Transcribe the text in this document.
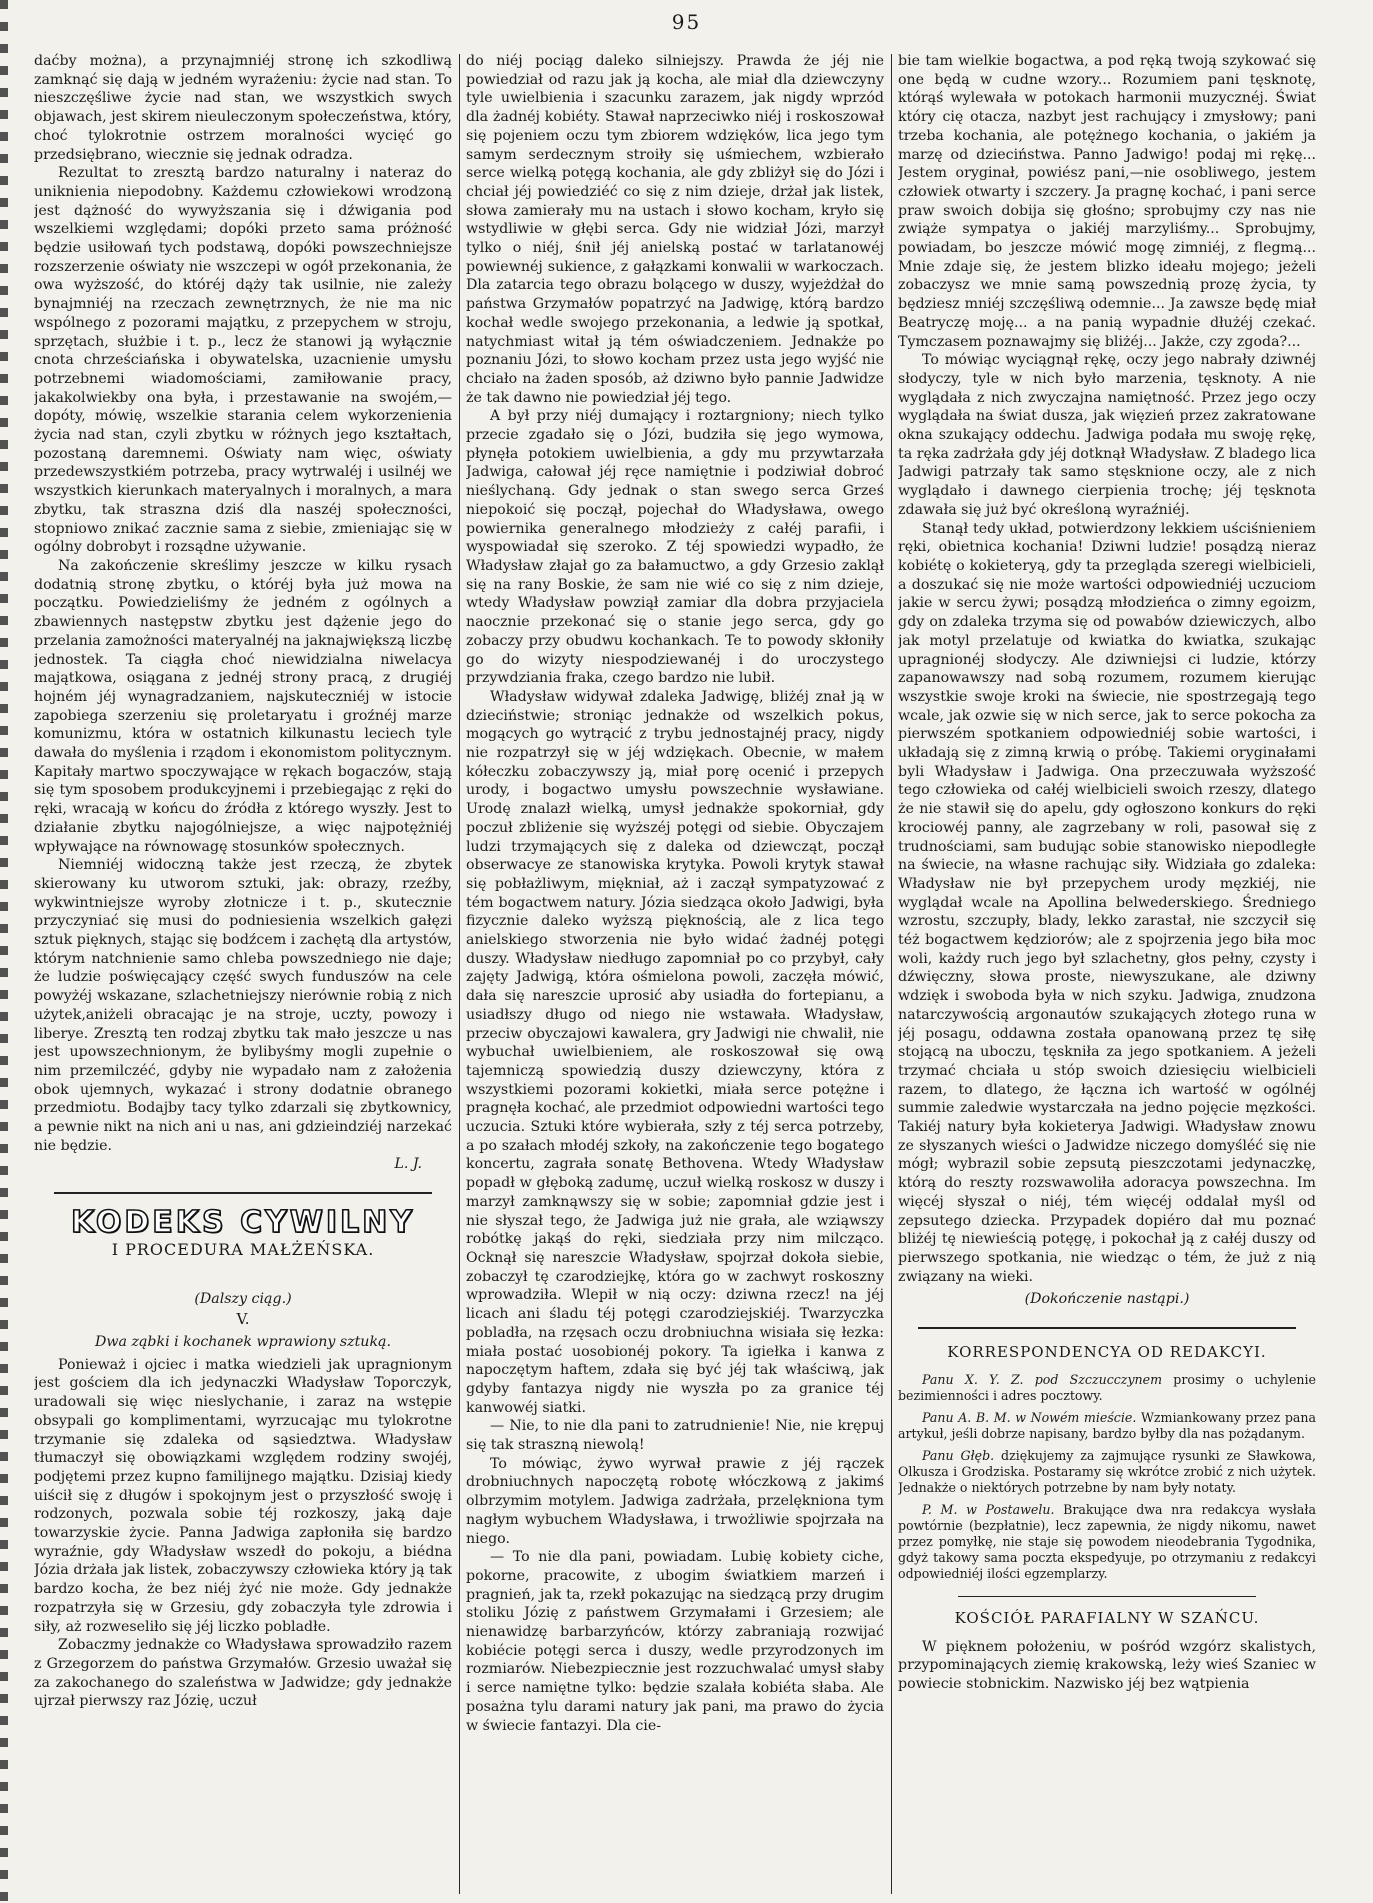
95

daćby można), a przynajmniéj stronę ich szkodliwą zamknąć się dają w jedném wyrażeniu: życie nad stan. To nieszczęśliwe życie nad stan, we wszystkich swych objawach, jest skirem nieuleczonym społeczeństwa, który, choć tylokrotnie ostrzem moralności wycięć go przedsiębrano, wiecznie się jednak odradza.

Rezultat to zresztą bardzo naturalny i nateraz do uniknienia niepodobny. Każdemu człowiekowi wrodzoną jest dążność do wywyższania się i dźwigania pod wszelkiemi względami; dopóki przeto sama próżność będzie usiłowań tych podstawą, dopóki powszechniejsze rozszerzenie oświaty nie wszczepi w ogół przekonania, że owa wyższość, do któréj dąży tak usilnie, nie zależy bynajmniéj na rzeczach zewnętrznych, że nie ma nic wspólnego z pozorami majątku, z przepychem w stroju, sprzętach, służbie i t. p., lecz że stanowi ją wyłącznie cnota chrześciańska i obywatelska, uzacnienie umysłu potrzebnemi wiadomościami, zamiłowanie pracy, jakakolwiekby ona była, i przestawanie na swojém,—dopóty, mówię, wszelkie starania celem wykorzenienia życia nad stan, czyli zbytku w różnych jego kształtach, pozostaną daremnemi. Oświaty nam więc, oświaty przedewszystkiém potrzeba, pracy wytrwaléj i usilnéj we wszystkich kierunkach materyalnych i moralnych, a mara zbytku, tak straszna dziś dla naszéj społeczności, stopniowo znikać zacznie sama z siebie, zmieniając się w ogólny dobrobyt i rozsądne używanie.

Na zakończenie skreślimy jeszcze w kilku rysach dodatnią stronę zbytku, o któréj była już mowa na początku. Powiedzieliśmy że jedném z ogólnych a zbawiennych następstw zbytku jest dążenie jego do przelania zamożności materyalnéj na jaknajwiększą liczbę jednostek. Ta ciągła choć niewidzialna niwelacya majątkowa, osiągana z jednéj strony pracą, z drugiéj hojném jéj wynagradzaniem, najskuteczniéj w istocie zapobiega szerzeniu się proletaryatu i groźnéj marze komunizmu, która w ostatnich kilkunastu leciech tyle dawała do myślenia i rządom i ekonomistom politycznym. Kapitały martwo spoczywające w rękach bogaczów, stają się tym sposobem produkcyjnemi i przebiegając z ręki do ręki, wracają w końcu do źródła z którego wyszły. Jest to działanie zbytku najogólniejsze, a więc najpotężniéj wpływające na równowagę stosunków społecznych.

Niemniéj widoczną także jest rzeczą, że zbytek skierowany ku utworom sztuki, jak: obrazy, rzeźby, wykwintniejsze wyroby złotnicze i t. p., skutecznie przyczyniać się musi do podniesienia wszelkich gałęzi sztuk pięknych, stając się bodźcem i zachętą dla artystów, którym natchnienie samo chleba powszedniego nie daje; że ludzie poświęcający część swych funduszów na cele powyżéj wskazane, szlachetniejszy nierównie robią z nich użytek,aniżeli obracając je na stroje, uczty, powozy i liberye. Zresztą ten rodzaj zbytku tak mało jeszcze u nas jest upowszechnionym, że bylibyśmy mogli zupełnie o nim przemilczéć, gdyby nie wypadało nam z założenia obok ujemnych, wykazać i strony dodatnie obranego przedmiotu. Bodajby tacy tylko zdarzali się zbytkownicy, a pewnie nikt na nich ani u nas, ani gdzieindziéj narzekać nie będzie.

L. J.
KODEKS CYWILNY
I PROCEDURA MAŁŻEŃSKA.
(Dalszy ciąg.)
V.
Dwa ząbki i kochanek wprawiony sztuką.

Ponieważ i ojciec i matka wiedzieli jak upragnionym jest gościem dla ich jedynaczki Władysław Toporczyk, uradowali się więc nieslychanie, i zaraz na wstępie obsypali go komplimentami, wyrzucając mu tylokrotne trzymanie się zdaleka od sąsiedztwa. Władysław tłumaczył się obowiązkami względem rodziny swojéj, podjętemi przez kupno familijnego majątku. Dzisiaj kiedy uiścił się z długów i spokojnym jest o przyszłość swoję i rodzonych, pozwala sobie téj rozkoszy, jaką daje towarzyskie życie. Panna Jadwiga zapłoniła się bardzo wyraźnie, gdy Władysław wszedł do pokoju, a biédna Józia drżała jak listek, zobaczywszy człowieka który ją tak bardzo kocha, że bez niéj żyć nie może. Gdy jednakże rozpatrzyła się w Grzesiu, gdy zobaczyła tyle zdrowia i siły, aż rozweseliło się jéj liczko pobladłe.

Zobaczmy jednakże co Władysława sprowadziło razem z Grzegorzem do państwa Grzymałów. Grzesio uważał się za zakochanego do szaleństwa w Jadwidze; gdy jednakże ujrzał pierwszy raz Józię, uczuł

do niéj pociąg daleko silniejszy. Prawda że jéj nie powiedział od razu jak ją kocha, ale miał dla dziewczyny tyle uwielbienia i szacunku zarazem, jak nigdy wprzód dla żadnéj kobiéty. Stawał naprzeciwko niéj i roskoszował się pojeniem oczu tym zbiorem wdzięków, lica jego tym samym serdecznym stroiły się uśmiechem, wzbierało serce wielką potęgą kochania, ale gdy zbliżył się do Józi i chciał jéj powiedziéć co się z nim dzieje, drżał jak listek, słowa zamierały mu na ustach i słowo kocham, kryło się wstydliwie w głębi serca. Gdy nie widział Józi, marzył tylko o niéj, śnił jéj anielską postać w tarlatanowéj powiewnéj sukience, z gałązkami konwalii w warkoczach. Dla zatarcia tego obrazu bolącego w duszy, wyjeżdżał do państwa Grzymałów popatrzyć na Jadwigę, którą bardzo kochał wedle swojego przekonania, a ledwie ją spotkał, natychmiast witał ją tém oświadczeniem. Jednakże po poznaniu Józi, to słowo kocham przez usta jego wyjść nie chciało na żaden sposób, aż dziwno było pannie Jadwidze że tak dawno nie powiedział jéj tego.

A był przy niéj dumający i roztargniony; niech tylko przecie zgadało się o Józi, budziła się jego wymowa, płynęła potokiem uwielbienia, a gdy mu przywtarzała Jadwiga, całował jéj ręce namiętnie i podziwiał dobroć nieślychaną. Gdy jednak o stan swego serca Grześ niepokoić się począł, pojechał do Władysława, owego powiernika generalnego młodzieży z całéj parafii, i wyspowiadał się szeroko. Z téj spowiedzi wypadło, że Władysław złajał go za bałamuctwo, a gdy Grzesio zaklął się na rany Boskie, że sam nie wié co się z nim dzieje, wtedy Władysław powziął zamiar dla dobra przyjaciela naocznie przekonać się o stanie jego serca, gdy go zobaczy przy obudwu kochankach. Te to powody skłoniły go do wizyty niespodziewanéj i do uroczystego przywdziania fraka, czego bardzo nie lubił.

Władysław widywał zdaleka Jadwigę, bliżéj znał ją w dzieciństwie; stroniąc jednakże od wszelkich pokus, mogących go wytrącić z trybu jednostajnéj pracy, nigdy nie rozpatrzył się w jéj wdziękach. Obecnie, w małem kółeczku zobaczywszy ją, miał porę ocenić i przepych urody, i bogactwo umysłu powszechnie wysławiane. Urodę znalazł wielką, umysł jednakże spokorniał, gdy poczuł zbliżenie się wyższéj potęgi od siebie. Obyczajem ludzi trzymających się z daleka od dziewcząt, począł obserwacye ze stanowiska krytyka. Powoli krytyk stawał się pobłażliwym, miękniał, aż i zaczął sympatyzować z tém bogactwem natury. Józia siedząca około Jadwigi, była fizycznie daleko wyższą pięknością, ale z lica tego anielskiego stworzenia nie było widać żadnéj potęgi duszy. Władysław niedługo zapomniał po co przybył, cały zajęty Jadwigą, która ośmielona powoli, zaczęła mówić, dała się nareszcie uprosić aby usiadła do fortepianu, a usiadłszy długo od niego nie wstawała. Władysław, przeciw obyczajowi kawalera, gry Jadwigi nie chwalił, nie wybuchał uwielbieniem, ale roskoszował się ową tajemniczą spowiedzią duszy dziewczyny, która z wszystkiemi pozorami kokietki, miała serce potężne i pragnęła kochać, ale przedmiot odpowiedni wartości tego uczucia. Sztuki które wybierała, szły z téj serca potrzeby, a po szałach młodéj szkoły, na zakończenie tego bogatego koncertu, zagrała sonatę Bethovena. Wtedy Władysław popadł w głęboką zadumę, uczuł wielką roskosz w duszy i marzył zamknąwszy się w sobie; zapomniał gdzie jest i nie słyszał tego, że Jadwiga już nie grała, ale wziąwszy robótkę jakąś do ręki, siedziała przy nim milcząco. Ocknął się nareszcie Władysław, spojrzał dokoła siebie, zobaczył tę czarodziejkę, która go w zachwyt roskoszny wprowadziła. Wlepił w nią oczy: dziwna rzecz! na jéj licach ani śladu téj potęgi czarodziejskiéj. Twarzyczka pobladła, na rzęsach oczu drobniuchna wisiała się łezka: miała postać uosobionéj pokory. Ta igiełka i kanwa z napoczętym haftem, zdała się być jéj tak właściwą, jak gdyby fantazya nigdy nie wyszła po za granice téj kanwowéj siatki.

— Nie, to nie dla pani to zatrudnienie! Nie, nie krępuj się tak straszną niewolą!

To mówiąc, żywo wyrwał prawie z jéj rączek drobniuchnych napoczętą robotę włóczkową z jakimś olbrzymim motylem. Jadwiga zadrżała, przelękniona tym nagłym wybuchem Władysława, i trwożliwie spojrzała na niego.

— To nie dla pani, powiadam. Lubię kobiety ciche, pokorne, pracowite, z ubogim światkiem marzeń i pragnień, jak ta, rzekł pokazując na siedzącą przy drugim stoliku Józię z państwem Grzymałami i Grzesiem; ale nienawidzę barbarzyńców, którzy zabraniają rozwijać kobiécie potęgi serca i duszy, wedle przyrodzonych im rozmiarów. Niebezpiecznie jest rozzuchwalać umysł słaby i serce namiętne tylko: będzie szalała kobiéta słaba. Ale posażna tylu darami natury jak pani, ma prawo do życia w świecie fantazyi. Dla cie-

bie tam wielkie bogactwa, a pod ręką twoją szykować się one będą w cudne wzory... Rozumiem pani tęsknotę, którąś wylewała w potokach harmonii muzycznéj. Świat który cię otacza, nazbyt jest rachujący i zmysłowy; pani trzeba kochania, ale potężnego kochania, o jakiém ja marzę od dzieciństwa. Panno Jadwigo! podaj mi rękę... Jestem oryginał, powiész pani,—nie osobliwego, jestem człowiek otwarty i szczery. Ja pragnę kochać, i pani serce praw swoich dobija się głośno; sprobujmy czy nas nie zwiąże sympatya o jakiéj marzyliśmy... Sprobujmy, powiadam, bo jeszcze mówić mogę zimniéj, z flegmą... Mnie zdaje się, że jestem blizko ideału mojego; jeżeli zobaczysz we mnie samą powszednią prozę życia, ty będziesz mniéj szczęśliwą odemnie... Ja zawsze będę miał Beatryczę moję... a na panią wypadnie dłużéj czekać. Tymczasem poznawajmy się bliżéj... Jakże, czy zgoda?...

To mówiąc wyciągnął rękę, oczy jego nabrały dziwnéj słodyczy, tyle w nich było marzenia, tęsknoty. A nie wyglądała z nich zwyczajna namiętność. Przez jego oczy wyglądała na świat dusza, jak więzień przez zakratowane okna szukający oddechu. Jadwiga podała mu swoję rękę, ta ręka zadrżała gdy jéj dotknął Władysław. Z bladego lica Jadwigi patrzały tak samo stęsknione oczy, ale z nich wyglądało i dawnego cierpienia trochę; jéj tęsknota zdawała się już być określoną wyraźniéj.

Stanął tedy układ, potwierdzony lekkiem uściśnieniem ręki, obietnica kochania! Dziwni ludzie! posądzą nieraz kobiétę o kokieteryą, gdy ta przegląda szeregi wielbicieli, a doszukać się nie może wartości odpowiedniéj uczuciom jakie w sercu żywi; posądzą młodzieńca o zimny egoizm, gdy on zdaleka trzyma się od powabów dziewiczych, albo jak motyl przelatuje od kwiatka do kwiatka, szukając upragnionéj słodyczy. Ale dziwniejsi ci ludzie, którzy zapanowawszy nad sobą rozumem, rozumem kierując wszystkie swoje kroki na świecie, nie spostrzegają tego wcale, jak ozwie się w nich serce, jak to serce pokocha za pierwszém spotkaniem odpowiedniéj sobie wartości, i układają się z zimną krwią o próbę. Takiemi oryginałami byli Władysław i Jadwiga. Ona przeczuwała wyższość tego człowieka od całéj wielbicieli swoich rzeszy, dlatego że nie stawił się do apelu, gdy ogłoszono konkurs do ręki krociowéj panny, ale zagrzebany w roli, pasował się z trudnościami, sam budując sobie stanowisko niepodległe na świecie, na własne rachując siły. Widziała go zdaleka: Władysław nie był przepychem urody męzkiéj, nie wyglądał wcale na Apollina belwederskiego. Średniego wzrostu, szczupły, blady, lekko zarastał, nie szczycił się téż bogactwem kędziorów; ale z spojrzenia jego biła moc woli, każdy ruch jego był szlachetny, głos pełny, czysty i dźwięczny, słowa proste, niewyszukane, ale dziwny wdzięk i swoboda była w nich szyku. Jadwiga, znudzona natarczywością argonautów szukających złotego runa w jéj posagu, oddawna została opanowaną przez tę siłę stojącą na uboczu, tęskniła za jego spotkaniem. A jeżeli trzymać chciała u stóp swoich dziesięciu wielbicieli razem, to dlatego, że łączna ich wartość w ogólnéj summie zaledwie wystarczała na jedno pojęcie męzkości. Takiéj natury była kokieterya Jadwigi. Władysław znowu ze słyszanych wieści o Jadwidze niczego domyśléć się nie mógł; wybrazil sobie zepsutą pieszczotami jedynaczkę, którą do reszty rozswawoliła adoracya powszechna. Im więcéj słyszał o niéj, tém więcéj oddalał myśl od zepsutego dziecka. Przypadek dopiéro dał mu poznać bliżéj tę niewieścią potęgę, i pokochał ją z całéj duszy od pierwszego spotkania, nie wiedząc o tém, że już z nią związany na wieki.

(Dokończenie nastąpi.)
KORRESPONDENCYA OD REDAKCYI.
Panu X. Y. Z. pod Szczucczynem prosimy o uchylenie bezimienności i adres pocztowy.
Panu A. B. M. w Nowém mieście. Wzmiankowany przez pana artykuł, jeśli dobrze napisany, bardzo byłby dla nas pożądanym.
Panu Głęb. dziękujemy za zajmujące rysunki ze Sławkowa, Olkusza i Grodziska. Postaramy się wkrótce zrobić z nich użytek. Jednakże o niektórych potrzebne by nam były notaty.
P. M. w Postawelu. Brakujące dwa nra redakcya wysłała powtórnie (bezpłatnie), lecz zapewnia, że nigdy nikomu, nawet przez pomyłkę, nie staje się powodem nieodebrania Tygodnika, gdyż takowy sama poczta ekspedyuje, po otrzymaniu z redakcyi odpowiedniéj ilości egzemplarzy.
KOŚCIÓŁ PARAFIALNY W SZAŃCU.

W pięknem położeniu, w pośród wzgórz skalistych, przypominających ziemię krakowską, leży wieś Szaniec w powiecie stobnickim. Nazwisko jéj bez wątpienia
